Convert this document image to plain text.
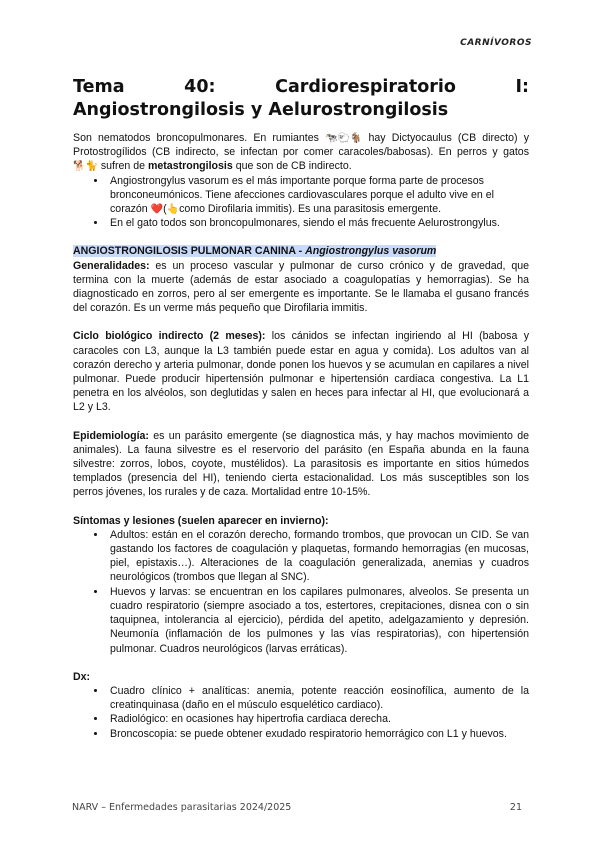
CARNÍVOROS
Tema 40: Cardiorespiratorio I: Angiostrongilosis y Aelurostrongilosis

Son nematodos broncopulmonares. En rumiantes 🐄🐑🐐 hay Dictyocaulus (CB directo) y Protostrogílidos (CB indirecto, se infectan por comer caracoles/babosas). En perros y gatos 🐕🐈 sufren de metastrongilosis que son de CB indirecto.

• Angiostrongylus vasorum es el más importante porque forma parte de procesos bronconeumónicos. Tiene afecciones cardiovasculares porque el adulto vive en el corazón ❤️(👆como Dirofilaria immitis). Es una parasitosis emergente.
• En el gato todos son broncopulmonares, siendo el más frecuente Aelurostrongylus.

ANGIOSTRONGILOSIS PULMONAR CANINA - Angiostrongylus vasorum

Generalidades: es un proceso vascular y pulmonar de curso crónico y de gravedad, que termina con la muerte (además de estar asociado a coagulopatías y hemorragias). Se ha diagnosticado en zorros, pero al ser emergente es importante. Se le llamaba el gusano francés del corazón. Es un verme más pequeño que Dirofilaria immitis.

Ciclo biológico indirecto (2 meses): los cánidos se infectan ingiriendo al HI (babosa y caracoles con L3, aunque la L3 también puede estar en agua y comida). Los adultos van al corazón derecho y arteria pulmonar, donde ponen los huevos y se acumulan en capilares a nivel pulmonar. Puede producir hipertensión pulmonar e hipertensión cardiaca congestiva. La L1 penetra en los alvéolos, son deglutidas y salen en heces para infectar al HI, que evolucionará a L2 y L3.

Epidemiología: es un parásito emergente (se diagnostica más, y hay machos movimiento de animales). La fauna silvestre es el reservorio del parásito (en España abunda en la fauna silvestre: zorros, lobos, coyote, mustélidos). La parasitosis es importante en sitios húmedos templados (presencia del HI), teniendo cierta estacionalidad. Los más susceptibles son los perros jóvenes, los rurales y de caza. Mortalidad entre 10-15%.

Síntomas y lesiones (suelen aparecer en invierno):

• Adultos: están en el corazón derecho, formando trombos, que provocan un CID. Se van gastando los factores de coagulación y plaquetas, formando hemorragias (en mucosas, piel, epistaxis…). Alteraciones de la coagulación generalizada, anemias y cuadros neurológicos (trombos que llegan al SNC).
• Huevos y larvas: se encuentran en los capilares pulmonares, alveolos. Se presenta un cuadro respiratorio (siempre asociado a tos, estertores, crepitaciones, disnea con o sin taquipnea, intolerancia al ejercicio), pérdida del apetito, adelgazamiento y depresión. Neumonía (inflamación de los pulmones y las vías respiratorias), con hipertensión pulmonar. Cuadros neurológicos (larvas erráticas).

Dx:

• Cuadro clínico + analíticas: anemia, potente reacción eosinofílica, aumento de la creatinquinasa (daño en el músculo esquelético cardiaco).
• Radiológico: en ocasiones hay hipertrofia cardiaca derecha.
• Broncoscopia: se puede obtener exudado respiratorio hemorrágico con L1 y huevos.
NARV – Enfermedades parasitarias 2024/2025	21
